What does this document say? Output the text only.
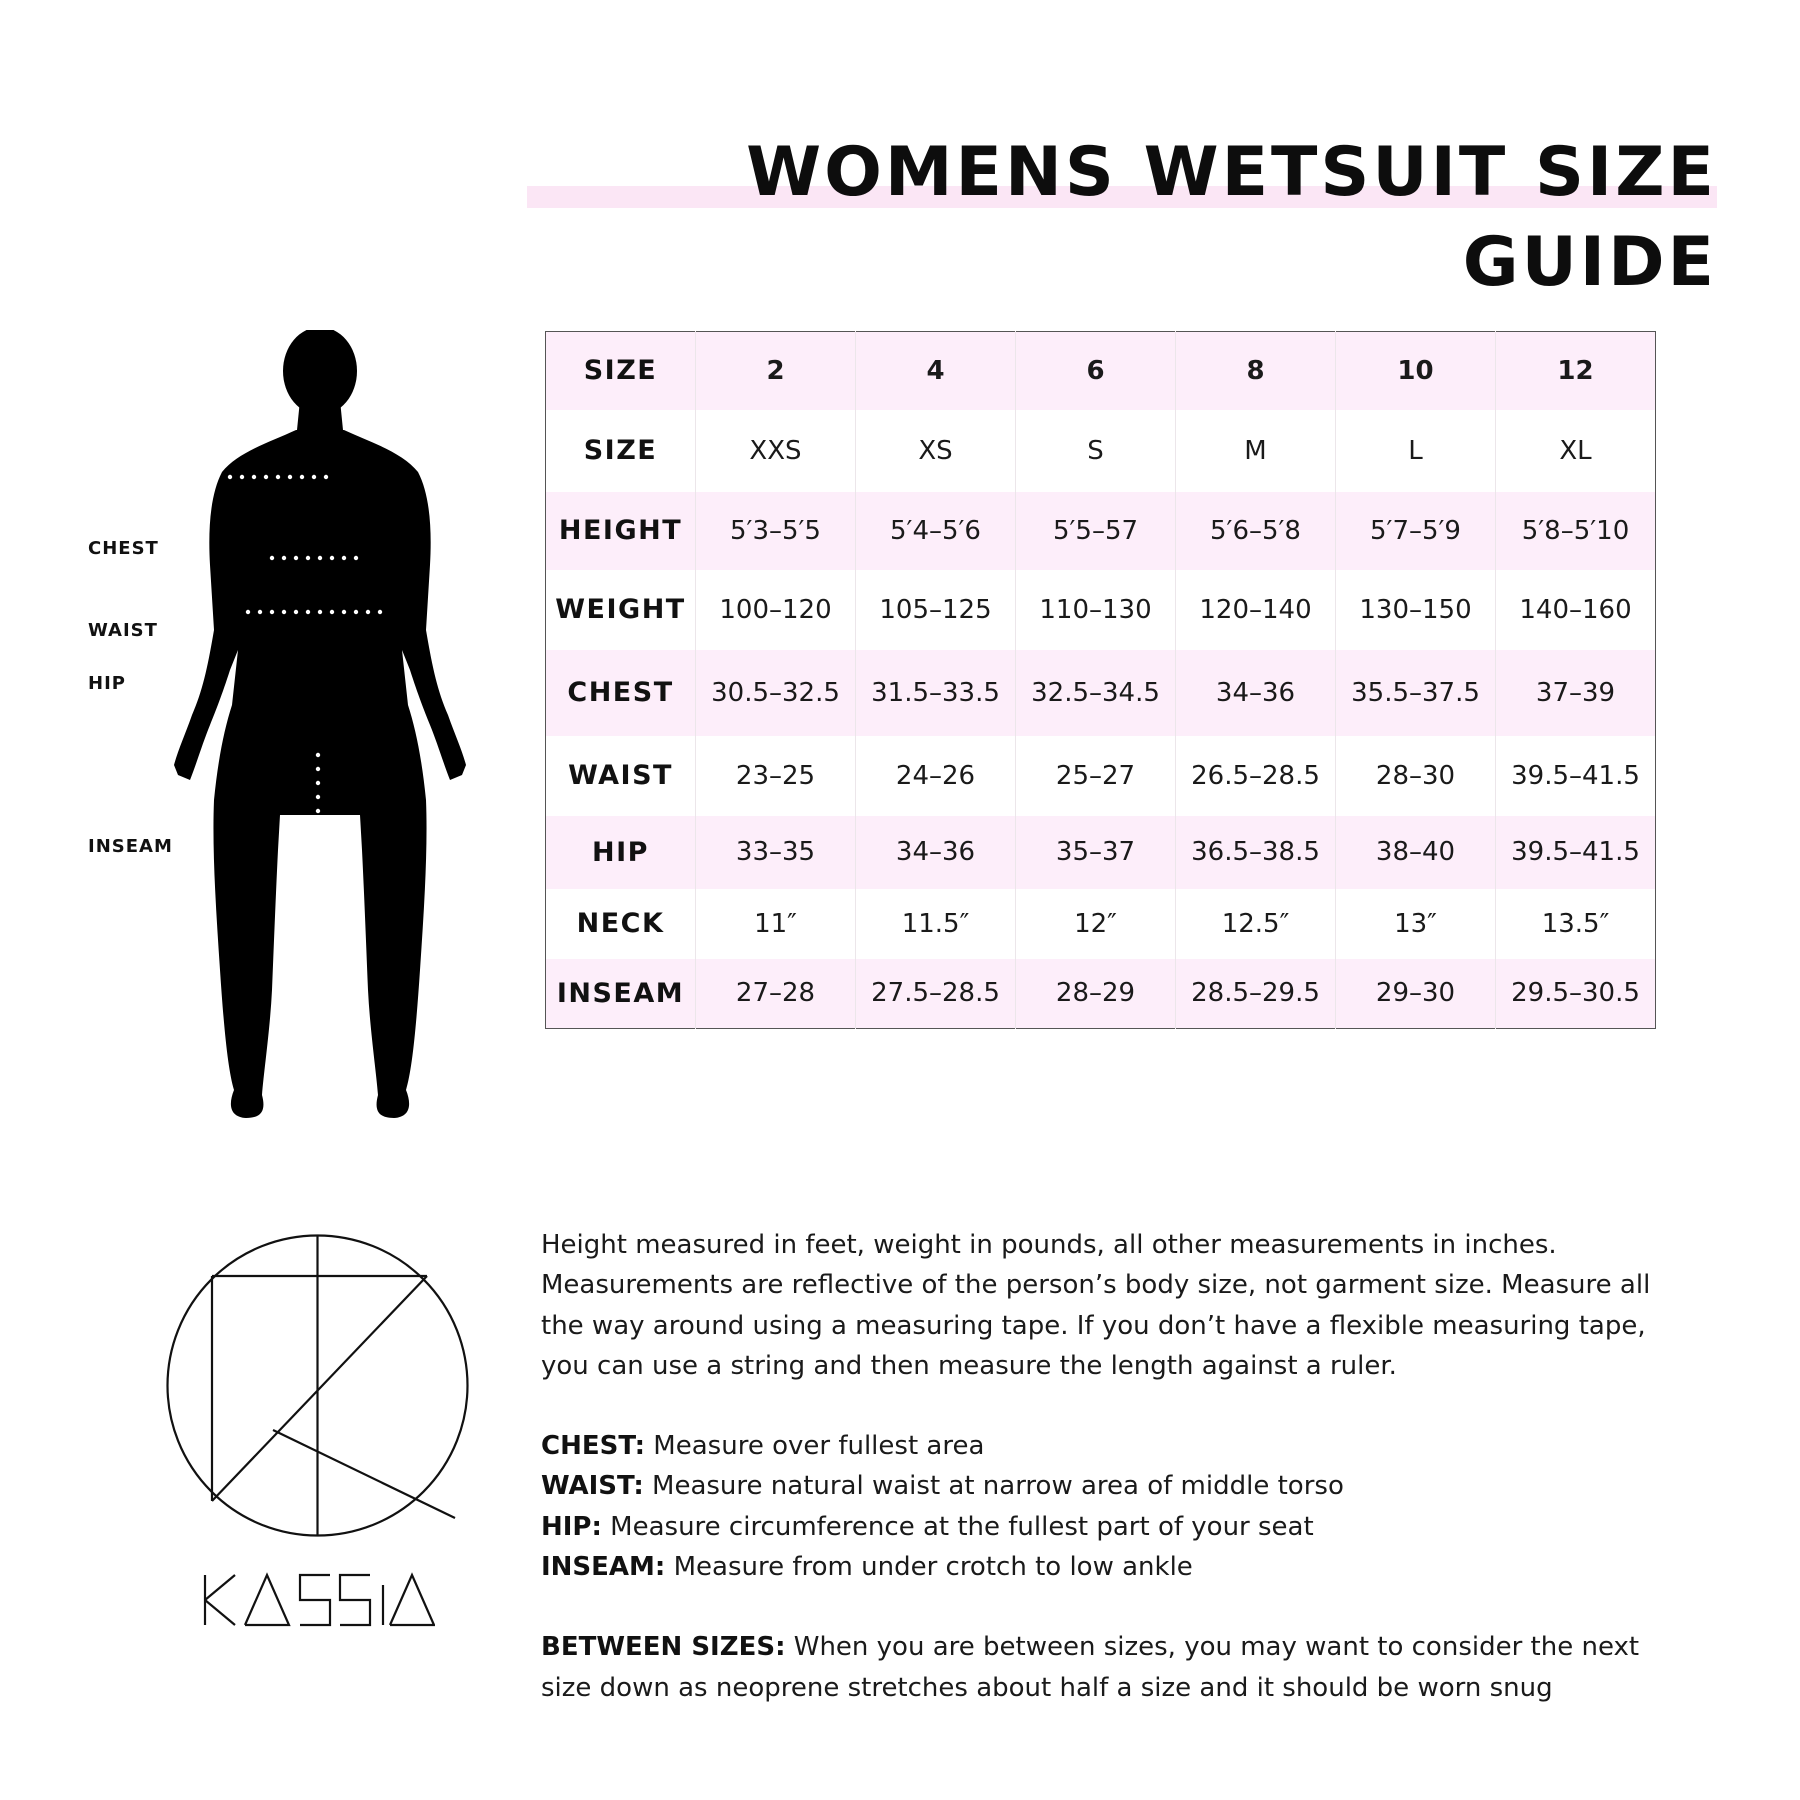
WOMENS WETSUIT SIZE GUIDE
CHEST
WAIST
HIP
INSEAM
SIZE	2	4	6	8	10	12
SIZE	XXS	XS	S	M	L	XL
HEIGHT	5′3–5′5	5′4–5′6	5′5–57	5′6–5′8	5′7–5′9	5′8–5′10
WEIGHT	100–120	105–125	110–130	120–140	130–150	140–160
CHEST	30.5–32.5	31.5–33.5	32.5–34.5	34–36	35.5–37.5	37–39
WAIST	23–25	24–26	25–27	26.5–28.5	28–30	39.5–41.5
HIP	33–35	34–36	35–37	36.5–38.5	38–40	39.5–41.5
NECK	11″	11.5″	12″	12.5″	13″	13.5″
INSEAM	27–28	27.5–28.5	28–29	28.5–29.5	29–30	29.5–30.5

Height measured in feet, weight in pounds, all other measurements in inches. Measurements are reflective of the person’s body size, not garment size. Measure all the way around using a measuring tape. If you don’t have a flexible measuring tape, you can use a string and then measure the length against a ruler.

CHEST: Measure over fullest area

WAIST: Measure natural waist at narrow area of middle torso

HIP: Measure circumference at the fullest part of your seat

INSEAM: Measure from under crotch to low ankle

BETWEEN SIZES: When you are between sizes, you may want to consider the next size down as neoprene stretches about half a size and it should be worn snug
